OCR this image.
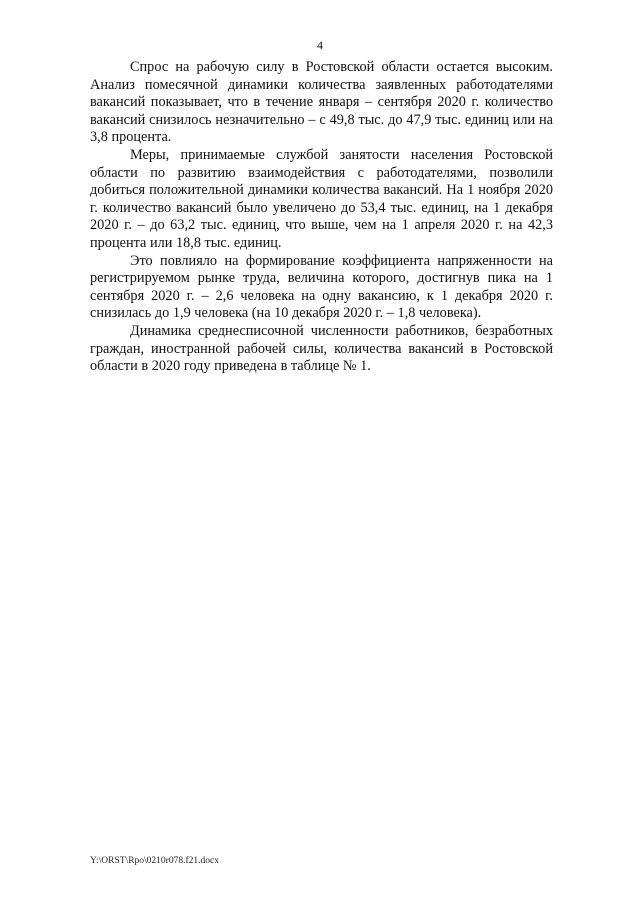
4

Спрос на рабочую силу в Ростовской области остается высоким. Анализ помесячной динамики количества заявленных работодателями вакансий показывает, что в течение января – сентября 2020 г. количество вакансий снизилось незначительно – с 49,8 тыс. до 47,9 тыс. единиц или на 3,8 процента.

Меры, принимаемые службой занятости населения Ростовской области по развитию взаимодействия с работодателями, позволили добиться положительной динамики количества вакансий. На 1 ноября 2020 г. количество вакансий было увеличено до 53,4 тыс. единиц, на 1 декабря 2020 г. – до 63,2 тыс. единиц, что выше, чем на 1 апреля 2020 г. на 42,3 процента или 18,8 тыс. единиц.

Это повлияло на формирование коэффициента напряженности на регистрируемом рынке труда, величина которого, достигнув пика на 1 сентября 2020 г. – 2,6 человека на одну вакансию, к 1 декабря 2020 г. снизилась до 1,9 человека (на 10 декабря 2020 г. – 1,8 человека).

Динамика среднесписочной численности работников, безработных граждан, иностранной рабочей силы, количества вакансий в Ростовской области в 2020 году приведена в таблице № 1.

Y:\ORST\Rpo\0210r078.f21.docx
